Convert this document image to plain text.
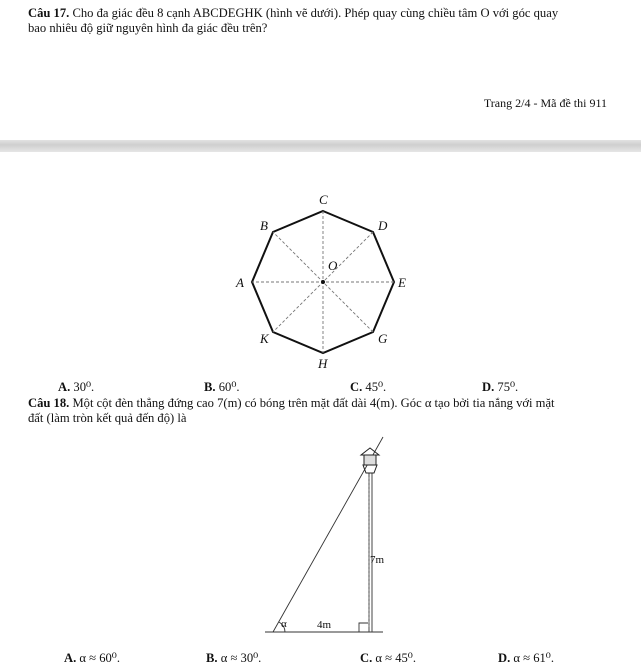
Câu 17. Cho đa giác đều 8 cạnh ABCDEGHK (hình vẽ dưới). Phép quay cùng chiều tâm O với góc quay
bao nhiêu độ giữ nguyên hình đa giác đều trên?
Trang 2/4 - Mã đề thi 911
C
D
E
G
H
K
A
B
O
A. 30⁰.	B. 60⁰.	C. 45⁰.	D. 75⁰.
Câu 18. Một cột đèn thẳng đứng cao 7(m) có bóng trên mặt đất dài 4(m). Góc α tạo bởi tia nắng với mặt
đất (làm tròn kết quả đến độ) là
7m
α	4m
A. α ≈ 60⁰.	B. α ≈ 30⁰.	C. α ≈ 45⁰.	D. α ≈ 61⁰.
